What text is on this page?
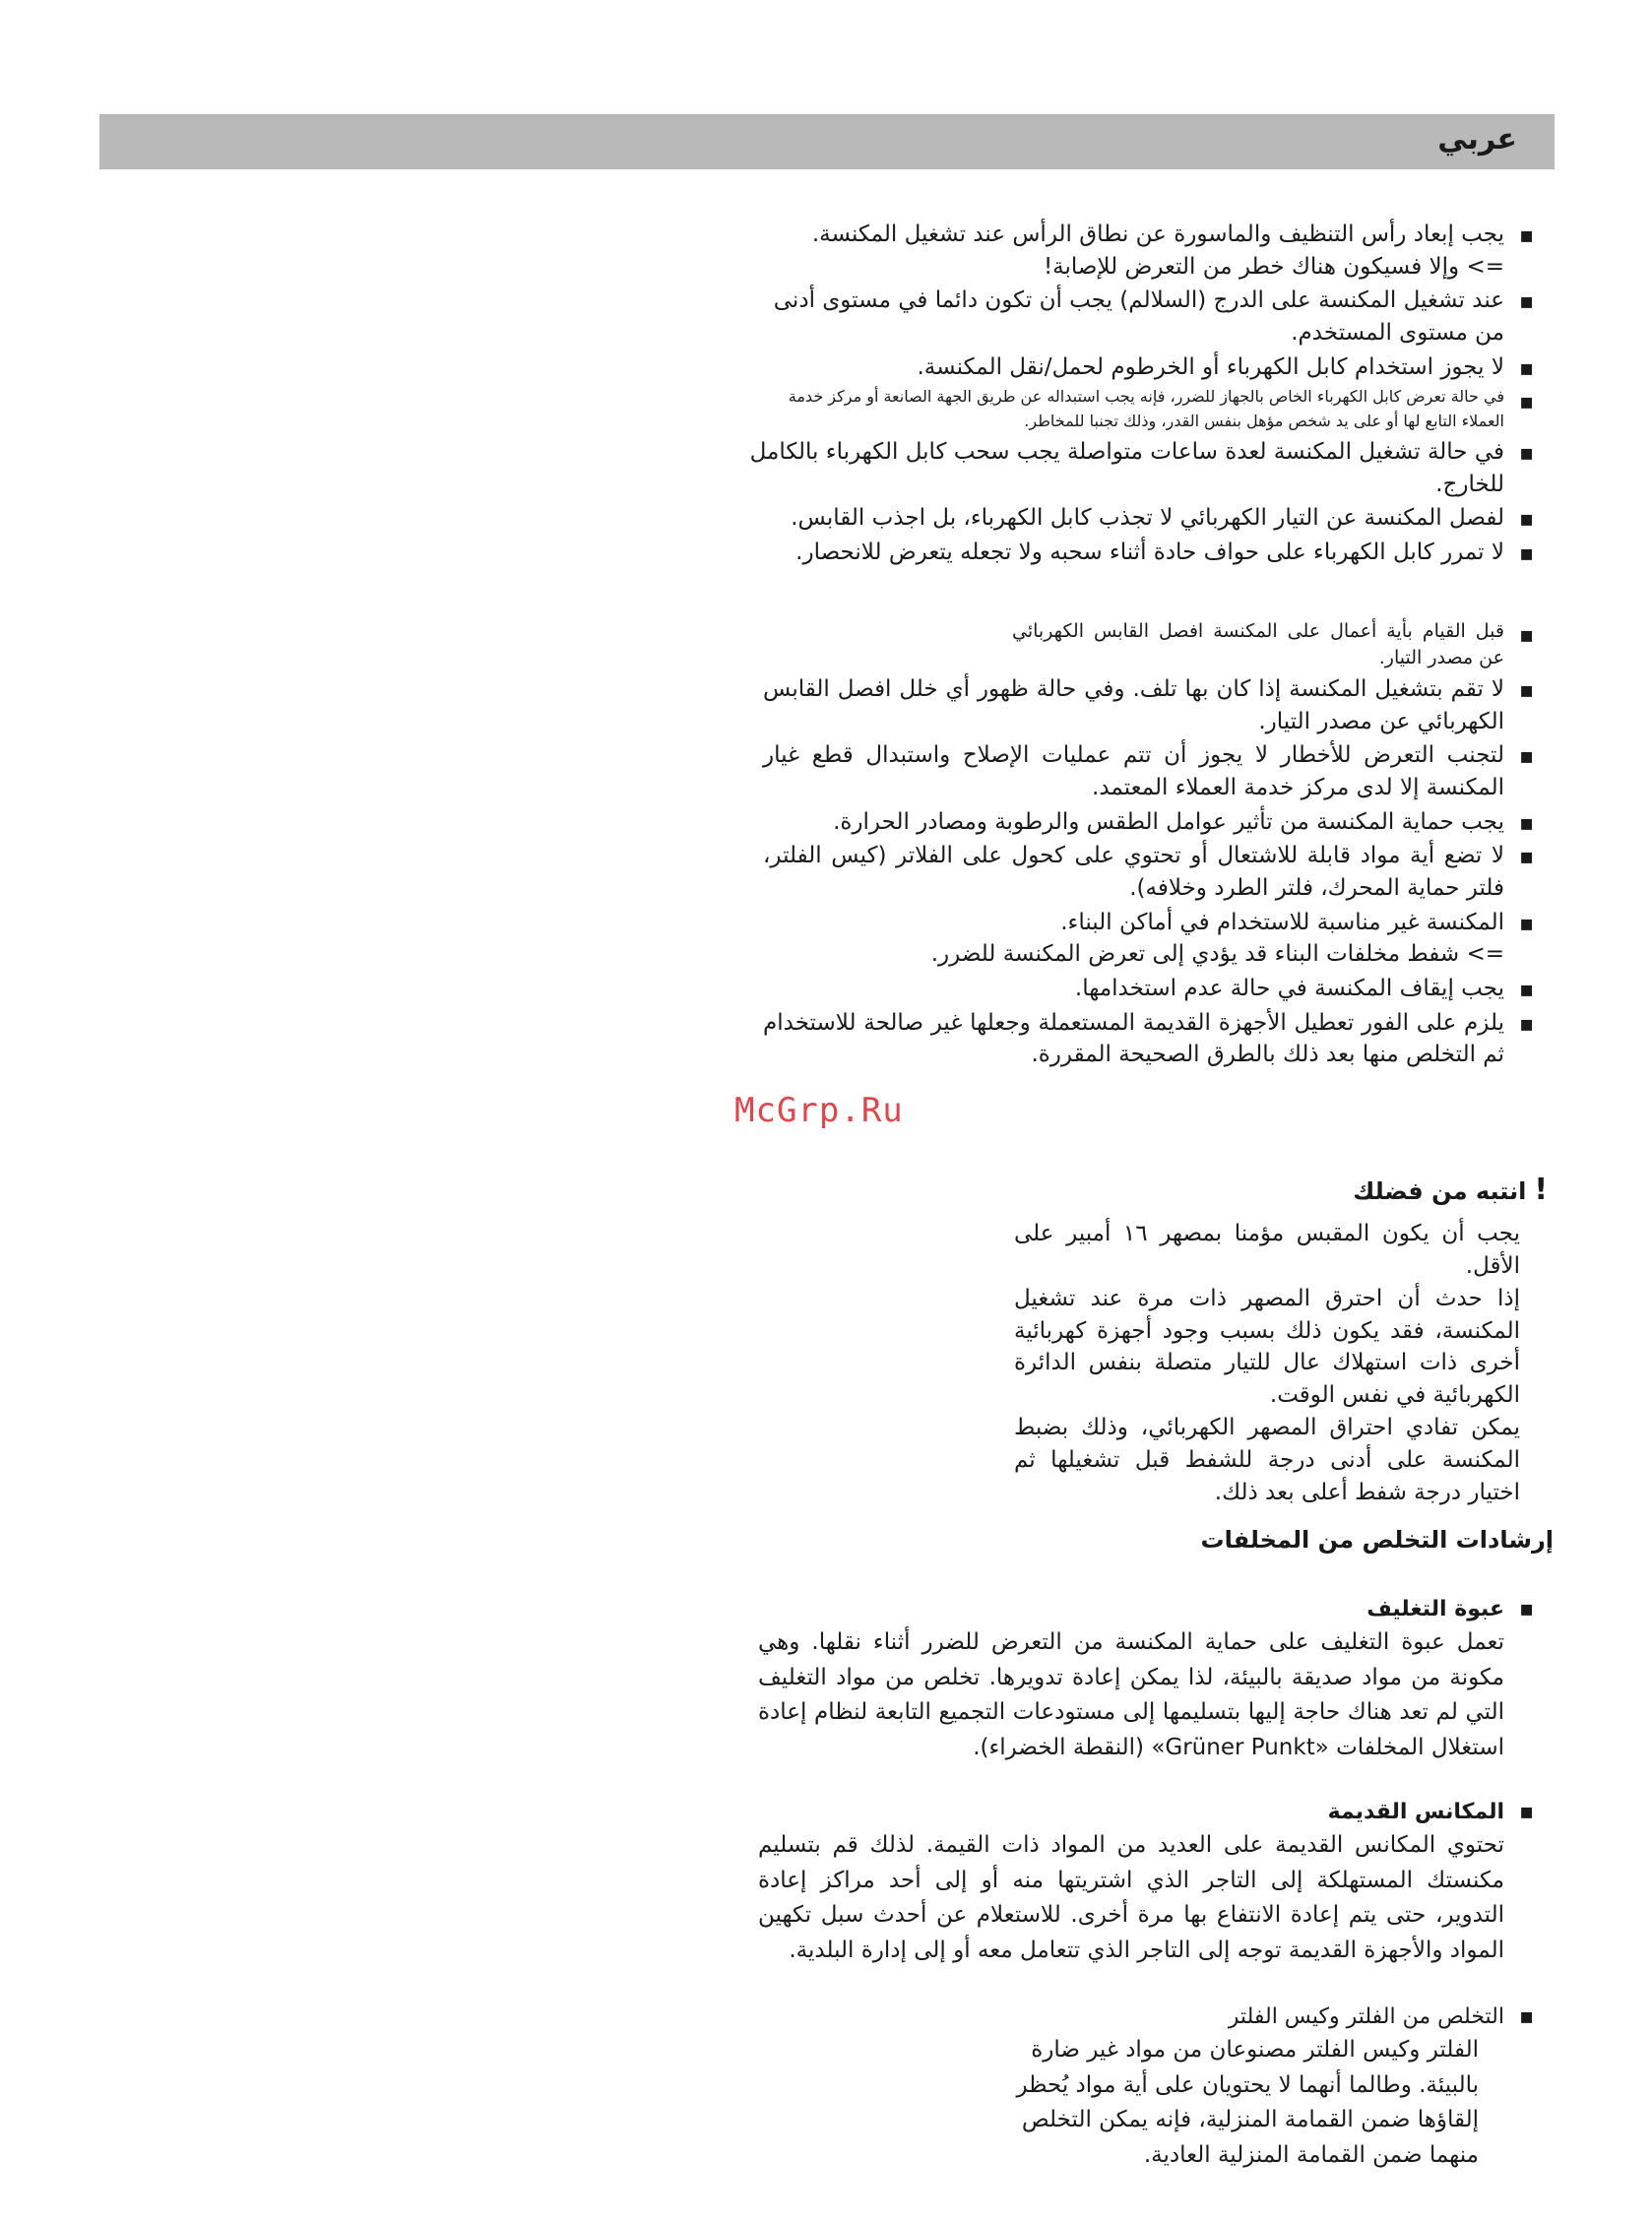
عربي
▪
يجب إبعاد رأس التنظيف والماسورة عن نطاق الرأس عند تشغيل المكنسة.
=> وإلا فسيكون هناك خطر من التعرض للإصابة!
▪
عند تشغيل المكنسة على الدرج (السلالم) يجب أن تكون دائما في مستوى أدنى من مستوى المستخدم.
▪
لا يجوز استخدام كابل الكهرباء أو الخرطوم لحمل/نقل المكنسة.
▪
في حالة تعرض كابل الكهرباء الخاص بالجهاز للضرر، فإنه يجب استبداله عن طريق الجهة الصانعة أو مركز خدمة العملاء التابع لها أو على يد شخص مؤهل بنفس القدر، وذلك تجنبا للمخاطر.
▪
في حالة تشغيل المكنسة لعدة ساعات متواصلة يجب سحب كابل الكهرباء بالكامل للخارج.
▪
لفصل المكنسة عن التيار الكهربائي لا تجذب كابل الكهرباء، بل اجذب القابس.
▪
لا تمرر كابل الكهرباء على حواف حادة أثناء سحبه ولا تجعله يتعرض للانحصار.
▪
قبل القيام بأية أعمال على المكنسة افصل القابس الكهربائي عن مصدر التيار.
▪
لا تقم بتشغيل المكنسة إذا كان بها تلف. وفي حالة ظهور أي خلل افصل القابس الكهربائي عن مصدر التيار.
▪
لتجنب التعرض للأخطار لا يجوز أن تتم عمليات الإصلاح واستبدال قطع غيار المكنسة إلا لدى مركز خدمة العملاء المعتمد.
▪
يجب حماية المكنسة من تأثير عوامل الطقس والرطوبة ومصادر الحرارة.
▪
لا تضع أية مواد قابلة للاشتعال أو تحتوي على كحول على الفلاتر (كيس الفلتر، فلتر حماية المحرك، فلتر الطرد وخلافه).
▪
المكنسة غير مناسبة للاستخدام في أماكن البناء.
=> شفط مخلفات البناء قد يؤدي إلى تعرض المكنسة للضرر.
▪
يجب إيقاف المكنسة في حالة عدم استخدامها.
▪
يلزم على الفور تعطيل الأجهزة القديمة المستعملة وجعلها غير صالحة للاستخدام ثم التخلص منها بعد ذلك بالطرق الصحيحة المقررة.
McGrp.Ru
!انتبه من فضلك

يجب أن يكون المقبس مؤمنا بمصهر ١٦ أمبير على الأقل.

إذا حدث أن احترق المصهر ذات مرة عند تشغيل المكنسة، فقد يكون ذلك بسبب وجود أجهزة كهربائية أخرى ذات استهلاك عال للتيار متصلة بنفس الدائرة الكهربائية في نفس الوقت.

يمكن تفادي احتراق المصهر الكهربائي، وذلك بضبط المكنسة على أدنى درجة للشفط قبل تشغيلها ثم اختيار درجة شفط أعلى بعد ذلك.

إرشادات التخلص من المخلفات
▪
عبوة التغليف

تعمل عبوة التغليف على حماية المكنسة من التعرض للضرر أثناء نقلها. وهي مكونة من مواد صديقة بالبيئة، لذا يمكن إعادة تدويرها. تخلص من مواد التغليف التي لم تعد هناك حاجة إليها بتسليمها إلى مستودعات التجميع التابعة لنظام إعادة استغلال المخلفات «Grüner Punkt» (النقطة الخضراء).

▪
المكانس القديمة

تحتوي المكانس القديمة على العديد من المواد ذات القيمة. لذلك قم بتسليم مكنستك المستهلكة إلى التاجر الذي اشتريتها منه أو إلى أحد مراكز إعادة التدوير، حتى يتم إعادة الانتفاع بها مرة أخرى. للاستعلام عن أحدث سبل تكهين المواد والأجهزة القديمة توجه إلى التاجر الذي تتعامل معه أو إلى إدارة البلدية.

▪
التخلص من الفلتر وكيس الفلتر

الفلتر وكيس الفلتر مصنوعان من مواد غير ضارة بالبيئة. وطالما أنهما لا يحتويان على أية مواد يُحظر إلقاؤها ضمن القمامة المنزلية، فإنه يمكن التخلص منهما ضمن القمامة المنزلية العادية.
